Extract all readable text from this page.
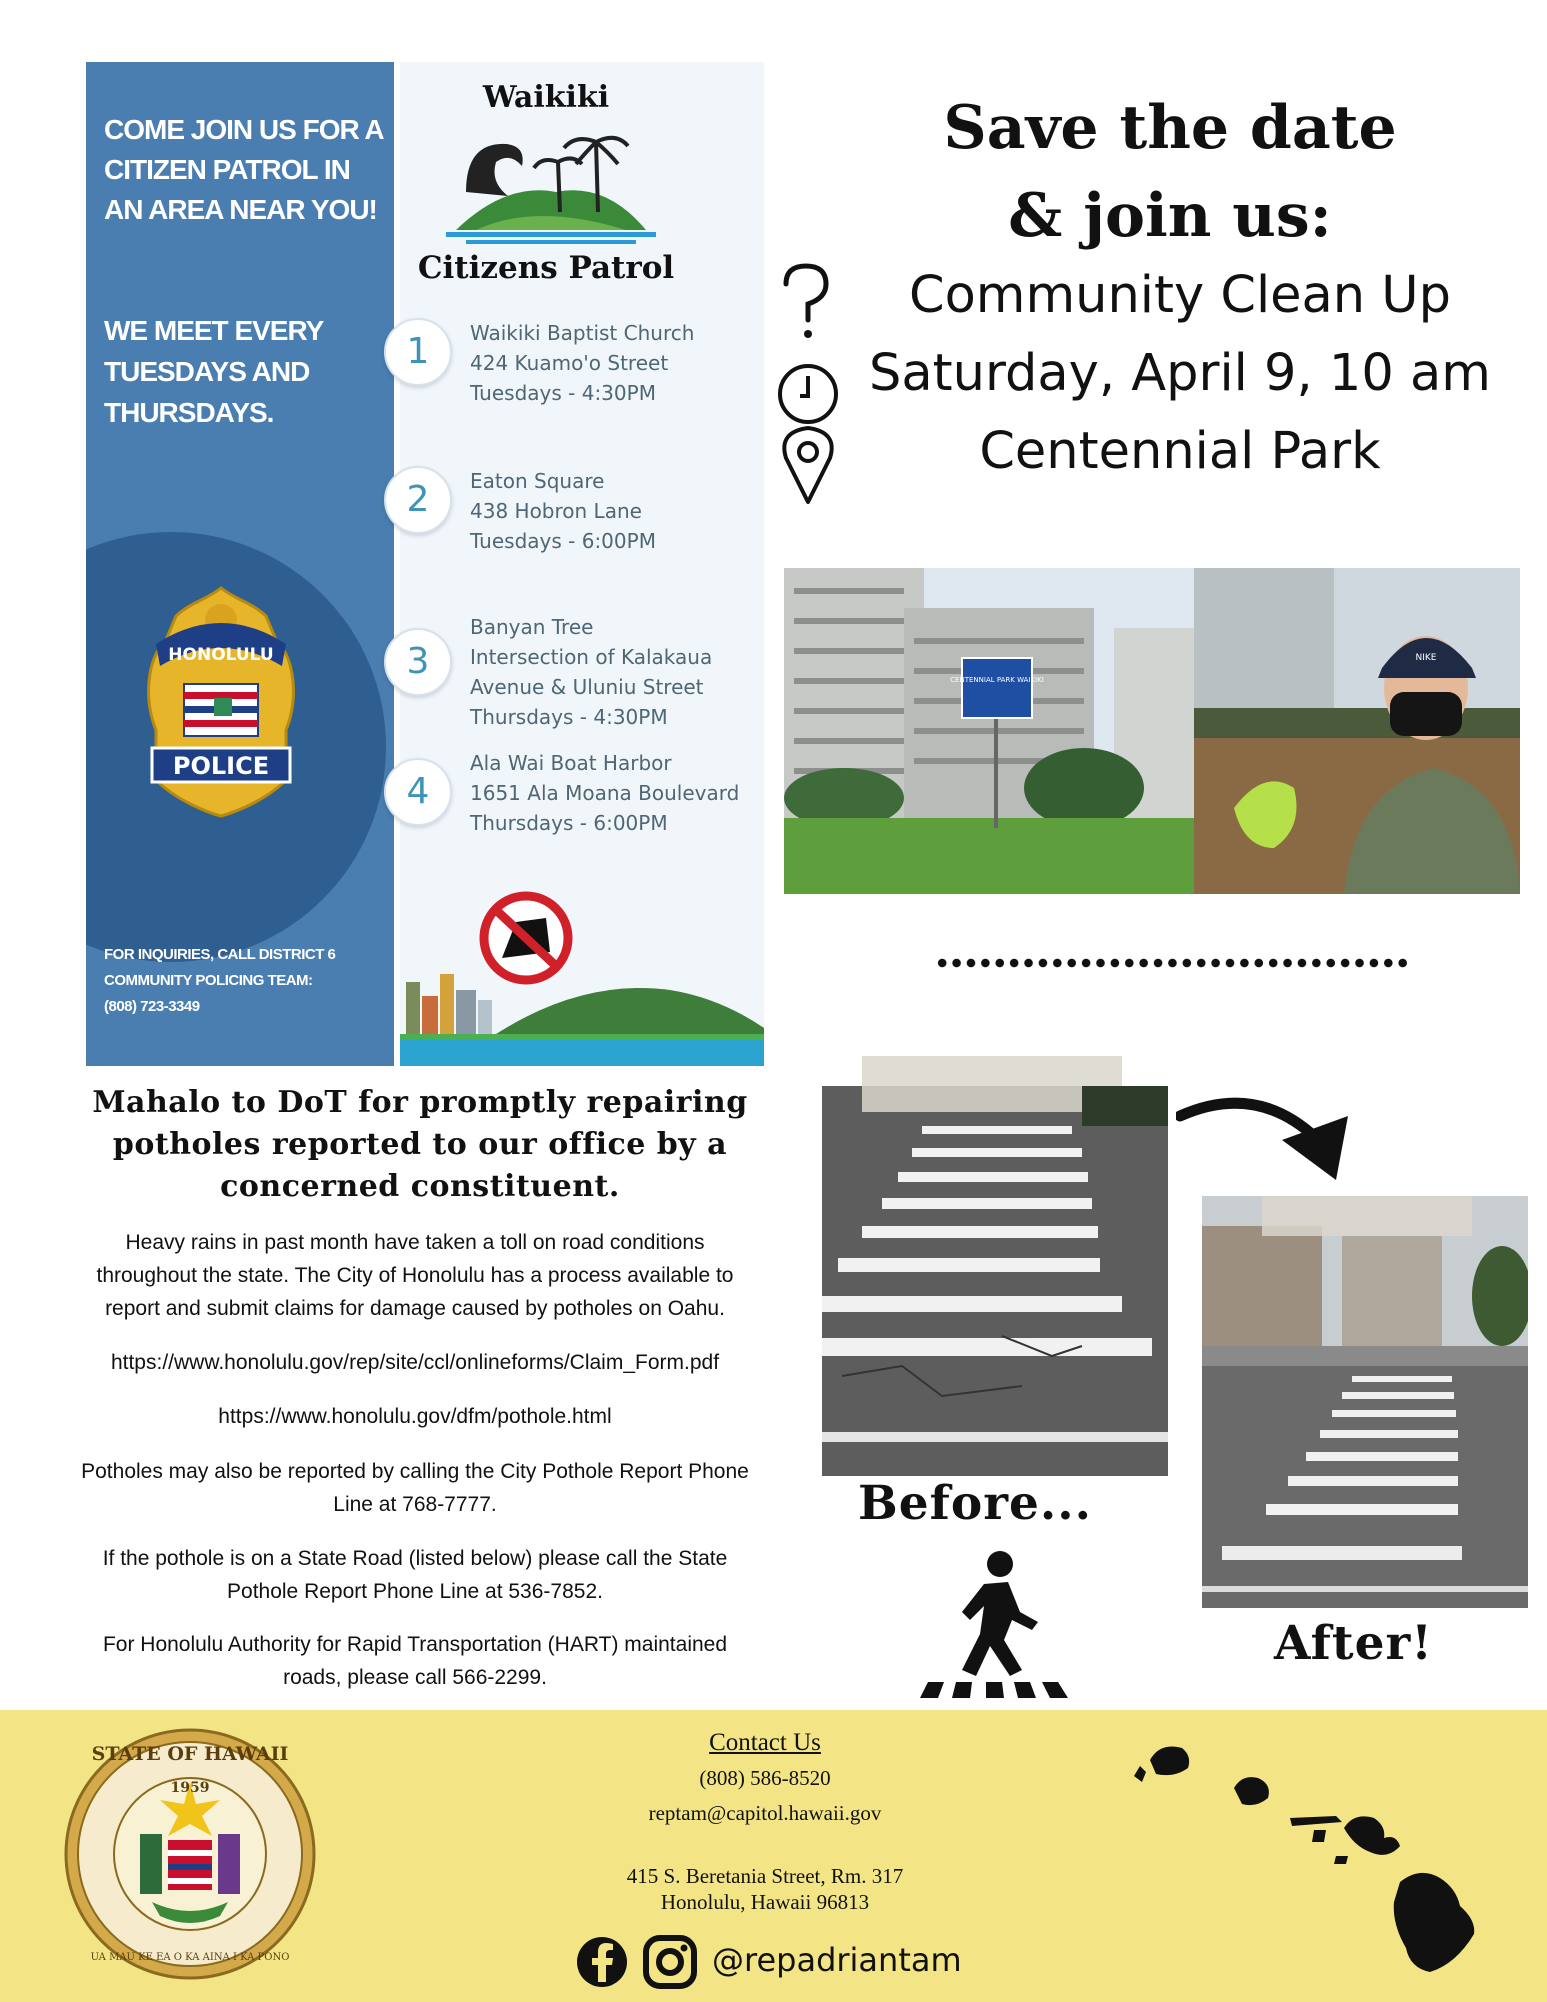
COME JOIN US FOR A CITIZEN PATROL IN AN AREA NEAR YOU!
WE MEET EVERY TUESDAYS AND THURSDAYS.
HONOLULU
POLICE
FOR INQUIRIES, CALL DISTRICT 6
COMMUNITY POLICING TEAM:
(808) 723-3349
Waikiki
Citizens Patrol
1	Waikiki Baptist Church
424 Kuamo'o Street
Tuesdays - 4:30PM
2	Eaton Square
438 Hobron Lane
Tuesdays - 6:00PM
3
Banyan Tree
Intersection of Kalakaua
Avenue & Uluniu Street
Thursdays - 4:30PM
4
Ala Wai Boat Harbor
1651 Ala Moana Boulevard
Thursdays - 6:00PM
Save the date
& join us:
Community Clean Up
Saturday, April 9, 10 am
Centennial Park
CENTENNIAL PARK WAIKIKI
NIKE
Mahalo to DoT for promptly repairing
potholes reported to our office by a
concerned constituent.
Heavy rains in past month have taken a toll on road conditions
throughout the state. The City of Honolulu has a process available to
report and submit claims for damage caused by potholes on Oahu.
https://www.honolulu.gov/rep/site/ccl/onlineforms/Claim_Form.pdf
https://www.honolulu.gov/dfm/pothole.html
Potholes may also be reported by calling the City Pothole Report Phone
Line at 768-7777.
If the pothole is on a State Road (listed below) please call the State
Pothole Report Phone Line at 536-7852.
For Honolulu Authority for Rapid Transportation (HART) maintained
roads, please call 566-2299.
Before...
After!
STATE OF HAWAII
1959
UA MAU KE EA O KA AINA I KA PONO
Contact Us
(808) 586-8520
reptam@capitol.hawaii.gov
415 S. Beretania Street, Rm. 317
Honolulu, Hawaii 96813
@repadriantam
